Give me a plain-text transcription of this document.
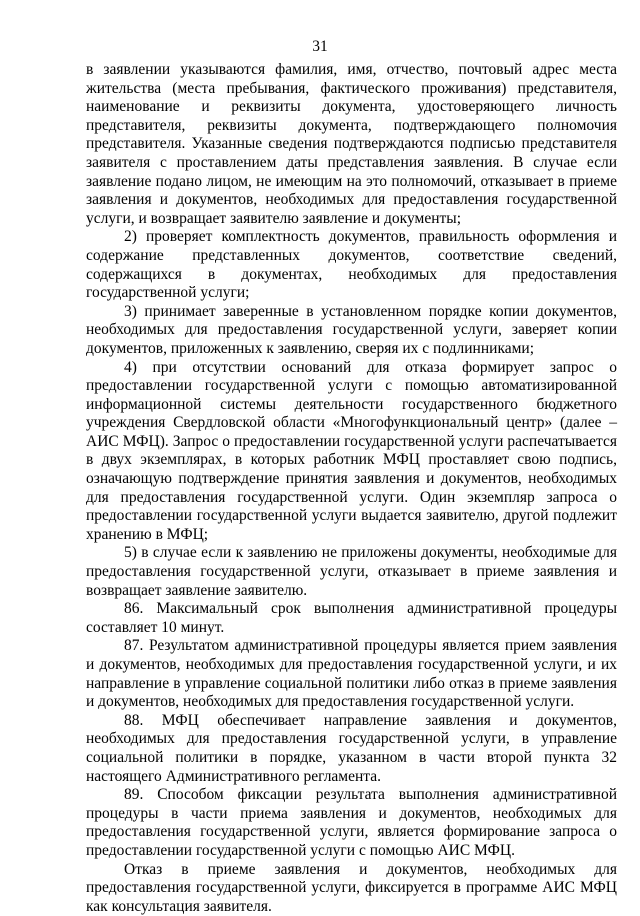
31

в заявлении указываются фамилия, имя, отчество, почтовый адрес места жительства (места пребывания, фактического проживания) представителя, наименование и реквизиты документа, удостоверяющего личность представителя, реквизиты документа, подтверждающего полномочия представителя. Указанные сведения подтверждаются подписью представителя заявителя с проставлением даты представления заявления. В случае если заявление подано лицом, не имеющим на это полномочий, отказывает в приеме заявления и документов, необходимых для предоставления государственной услуги, и возвращает заявителю заявление и документы;

2) проверяет комплектность документов, правильность оформления и содержание представленных документов, соответствие сведений, содержащихся в документах, необходимых для предоставления государственной услуги;

3) принимает заверенные в установленном порядке копии документов, необходимых для предоставления государственной услуги, заверяет копии документов, приложенных к заявлению, сверяя их с подлинниками;

4) при отсутствии оснований для отказа формирует запрос о предоставлении государственной услуги с помощью автоматизированной информационной системы деятельности государственного бюджетного учреждения Свердловской области «Многофункциональный центр» (далее – АИС МФЦ). Запрос о предоставлении государственной услуги распечатывается в двух экземплярах, в которых работник МФЦ проставляет свою подпись, означающую подтверждение принятия заявления и документов, необходимых для предоставления государственной услуги. Один экземпляр запроса о предоставлении государственной услуги выдается заявителю, другой подлежит хранению в МФЦ;

5) в случае если к заявлению не приложены документы, необходимые для предоставления государственной услуги, отказывает в приеме заявления и возвращает заявление заявителю.

86. Максимальный срок выполнения административной процедуры составляет 10 минут.

87. Результатом административной процедуры является прием заявления и документов, необходимых для предоставления государственной услуги, и их направление в управление социальной политики либо отказ в приеме заявления и документов, необходимых для предоставления государственной услуги.

88. МФЦ обеспечивает направление заявления и документов, необходимых для предоставления государственной услуги, в управление социальной политики в порядке, указанном в части второй пункта 32 настоящего Административного регламента.

89. Способом фиксации результата выполнения административной процедуры в части приема заявления и документов, необходимых для предоставления государственной услуги, является формирование запроса о предоставлении государственной услуги с помощью АИС МФЦ.

Отказ в приеме заявления и документов, необходимых для предоставления государственной услуги, фиксируется в программе АИС МФЦ как консультация заявителя.
